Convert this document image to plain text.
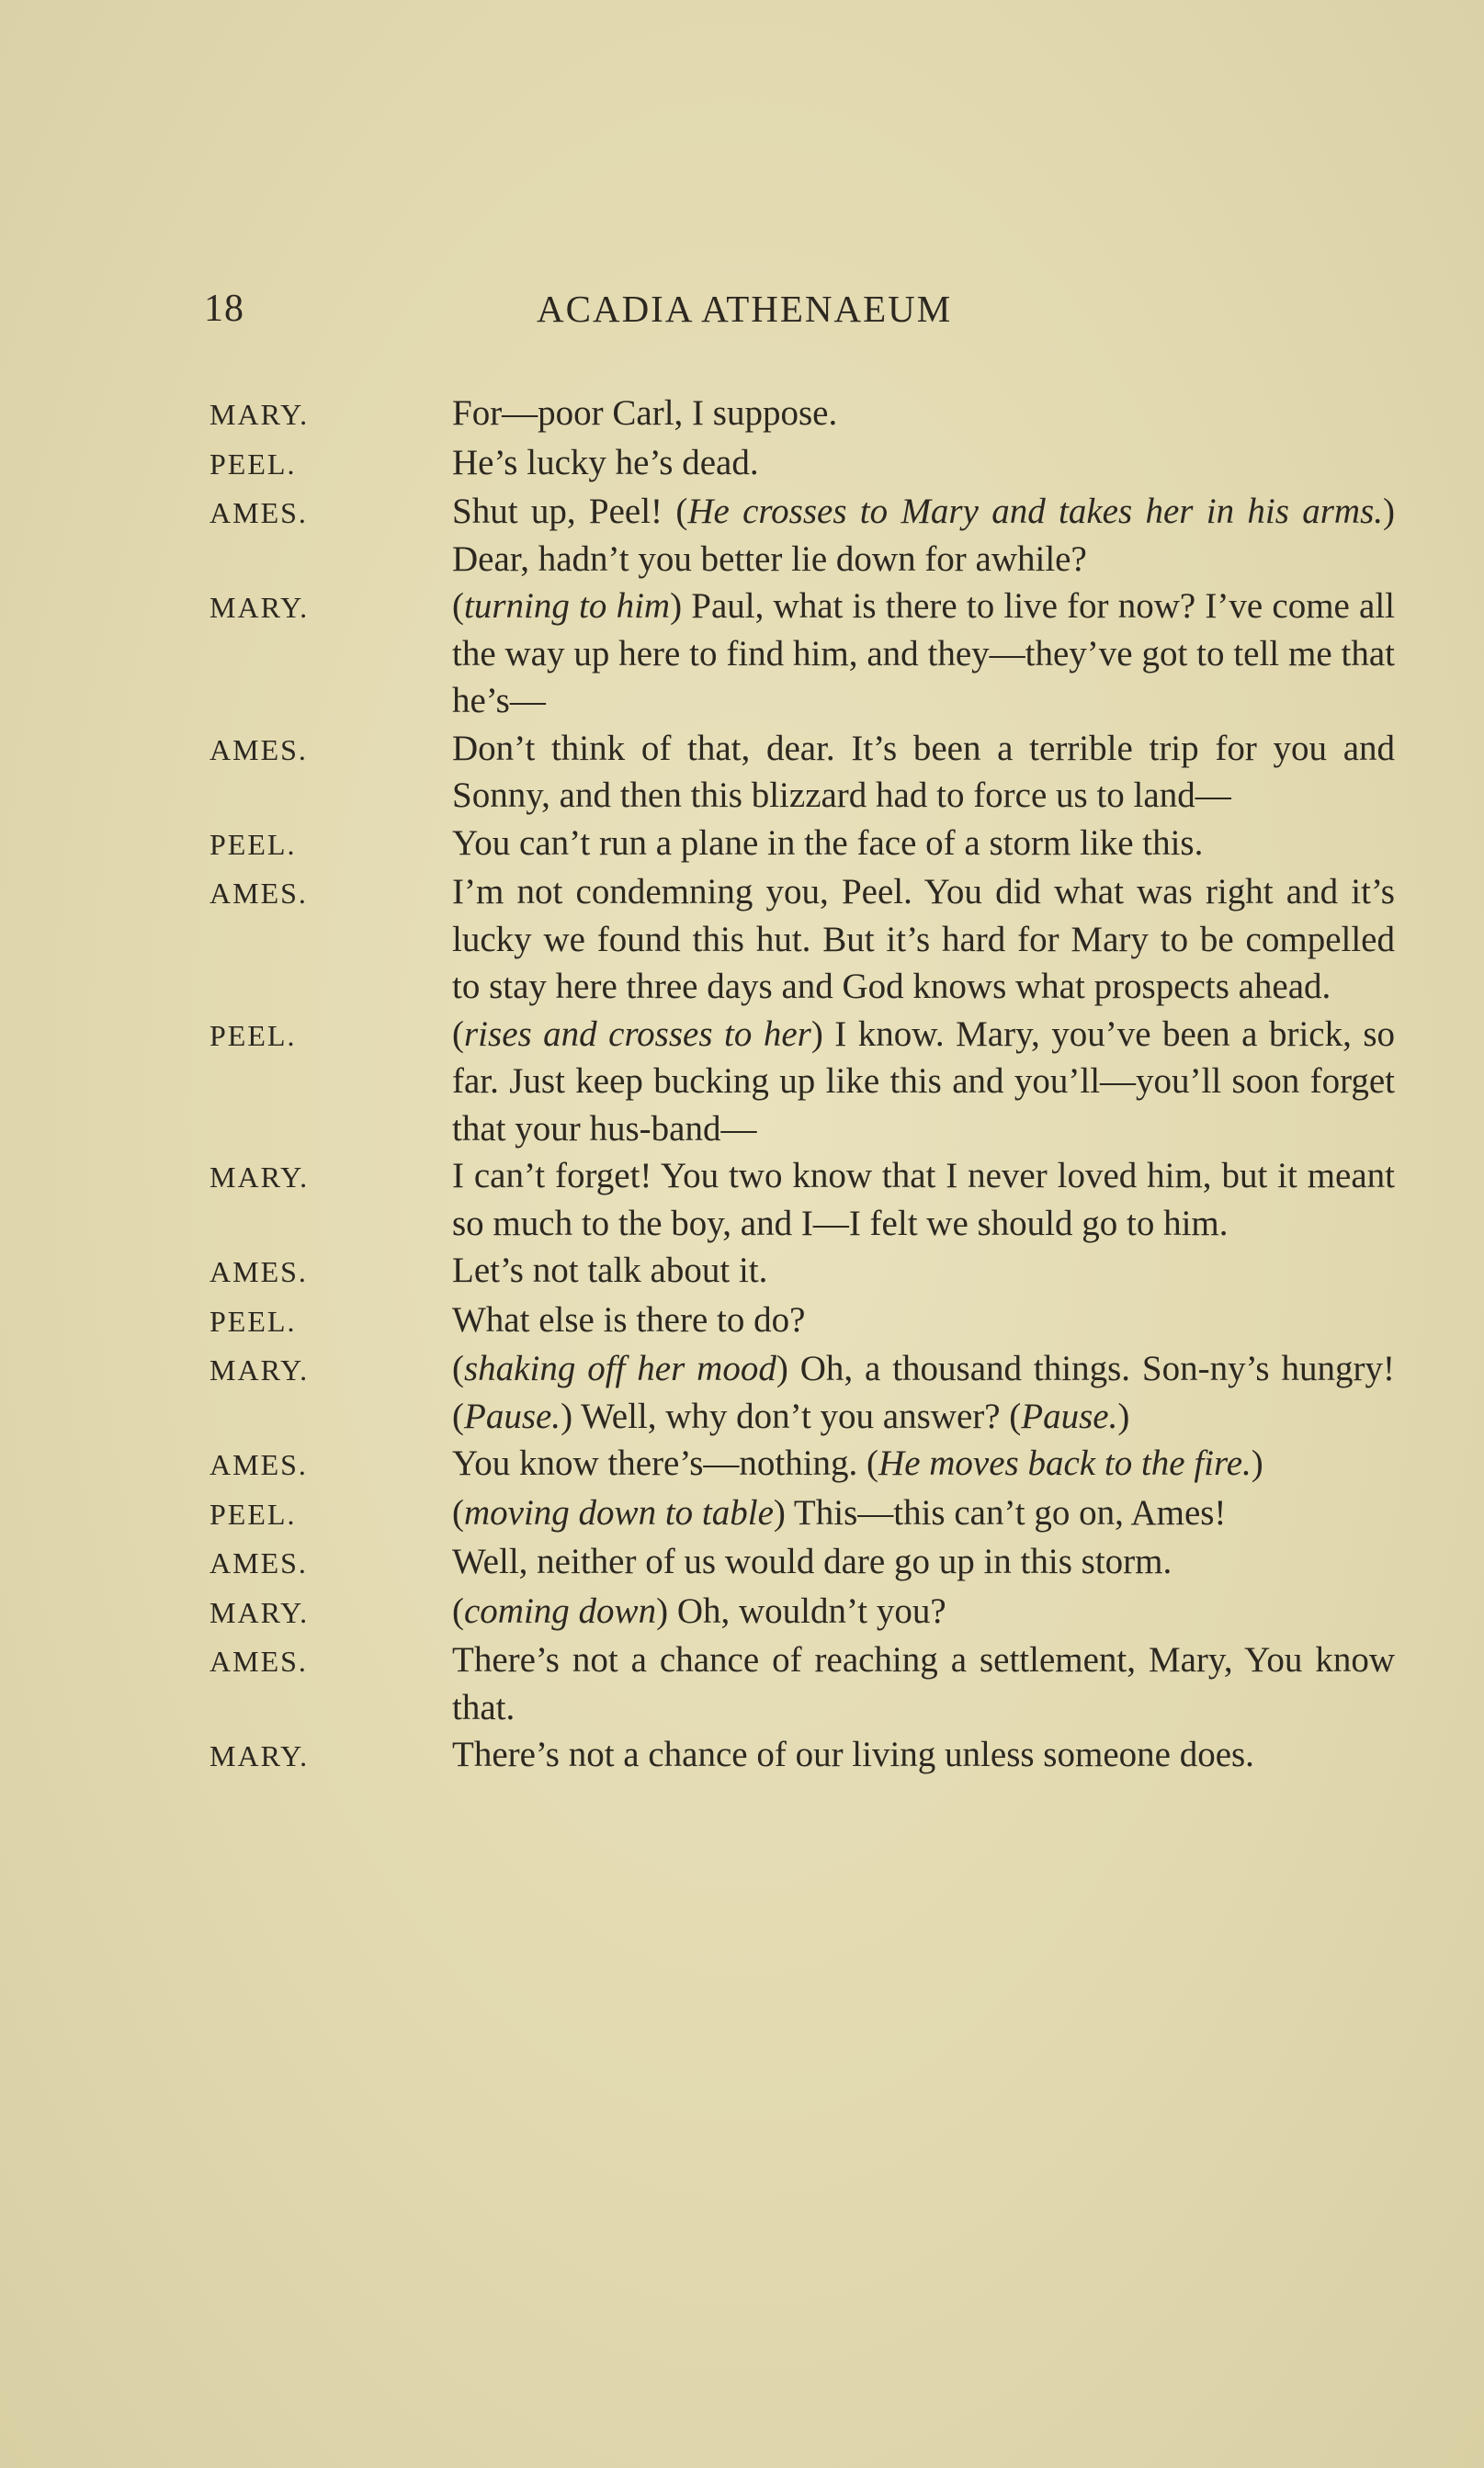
18	ACADIA ATHENAEUM
MARY.	For—poor Carl, I suppose.
PEEL.	He’s lucky he’s dead.
AMES.	Shut up, Peel! (He crosses to Mary and takes her in his arms.) Dear, hadn’t you better lie down for awhile?
MARY.	(turning to him) Paul, what is there to live for now? I’ve come all the way up here to find him, and they—they’ve got to tell me that he’s—
AMES.	Don’t think of that, dear. It’s been a terrible trip for you and Sonny, and then this blizzard had to force us to land—
PEEL.	You can’t run a plane in the face of a storm like this.
AMES.	I’m not condemning you, Peel. You did what was right and it’s lucky we found this hut. But it’s hard for Mary to be compelled to stay here three days and God knows what prospects ahead.
PEEL.	(rises and crosses to her) I know. Mary, you’ve been a brick, so far. Just keep bucking up like this and you’ll—you’ll soon forget that your hus-band—
MARY.	I can’t forget! You two know that I never loved him, but it meant so much to the boy, and I—I felt we should go to him.
AMES.	Let’s not talk about it.
PEEL.	What else is there to do?
MARY.	(shaking off her mood) Oh, a thousand things. Son-ny’s hungry! (Pause.) Well, why don’t you answer? (Pause.)
AMES.	You know there’s—nothing. (He moves back to the fire.)
PEEL.	(moving down to table) This—this can’t go on, Ames!
AMES.	Well, neither of us would dare go up in this storm.
MARY.	(coming down) Oh, wouldn’t you?
AMES.	There’s not a chance of reaching a settlement, Mary, You know that.
MARY.	There’s not a chance of our living unless someone does.
